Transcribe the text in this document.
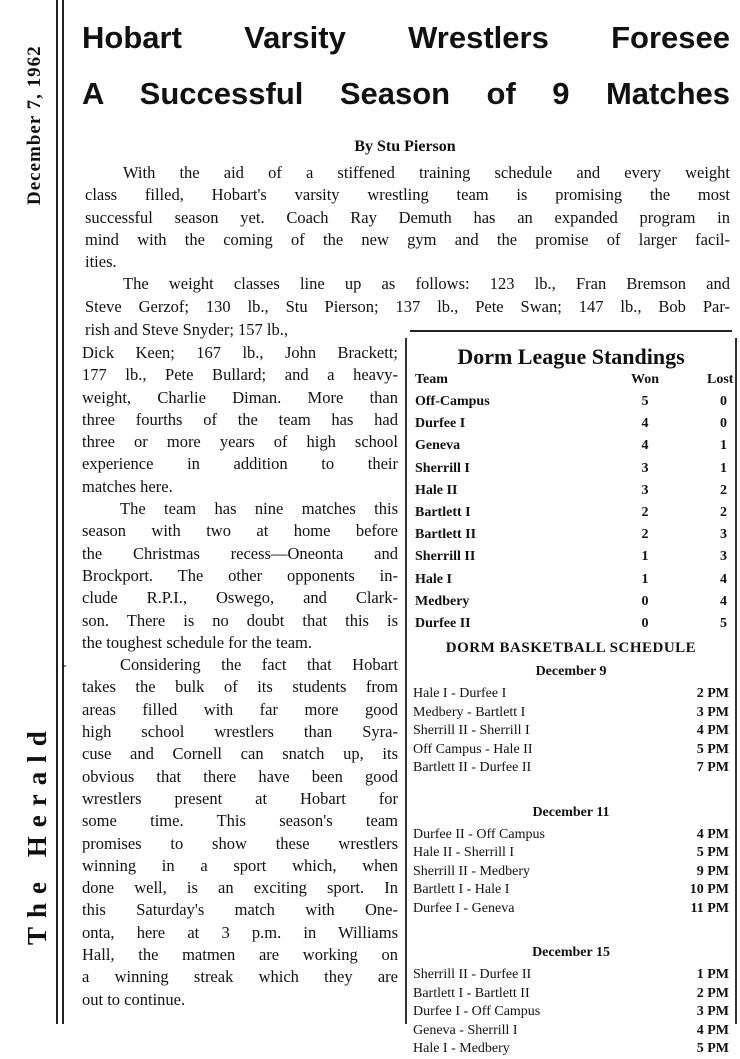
December 7, 1962
The Herald
Hobart Varsity Wrestlers Foresee
A Successful Season of 9 Matches
By Stu Pierson
With the aid of a stiffened training schedule and every weight
class filled, Hobart's varsity wrestling team is promising the most
successful season yet. Coach Ray Demuth has an expanded program in
mind with the coming of the new gym and the promise of larger facil-
ities.
The weight classes line up as follows: 123 lb., Fran Bremson and
Steve Gerzof; 130 lb., Stu Pierson; 137 lb., Pete Swan; 147 lb., Bob Par-
rish and Steve Snyder; 157 lb.,
Dick Keen; 167 lb., John Brackett;
177 lb., Pete Bullard; and a heavy-
weight, Charlie Diman. More than
three fourths of the team has had
three or more years of high school
experience in addition to their
matches here.
The team has nine matches this
season with two at home before
the Christmas recess—Oneonta and
Brockport. The other opponents in-
clude R.P.I., Oswego, and Clark-
son. There is no doubt that this is
the toughest schedule for the team.
Considering the fact that Hobart
takes the bulk of its students from
areas filled with far more good
high school wrestlers than Syra-
cuse and Cornell can snatch up, its
obvious that there have been good
wrestlers present at Hobart for
some time. This season's team
promises to show these wrestlers
winning in a sport which, when
done well, is an exciting sport. In
this Saturday's match with One-
onta, here at 3 p.m. in Williams
Hall, the matmen are working on
a winning streak which they are
out to continue.
-
Dorm League Standings
Team	Won	Lost
Off-Campus	5	0
Durfee I	4	0
Geneva	4	1
Sherrill I	3	1
Hale II	3	2
Bartlett I	2	2
Bartlett II	2	3
Sherrill II	1	3
Hale I	1	4
Medbery	0	4
Durfee II	0	5
DORM BASKETBALL SCHEDULE
December 9
Hale I - Durfee I	2 PM
Medbery - Bartlett I	3 PM
Sherrill II - Sherrill I	4 PM
Off Campus - Hale II	5 PM
Bartlett II - Durfee II	7 PM
December 11
Durfee II - Off Campus	4 PM
Hale II - Sherrill I	5 PM
Sherrill II - Medbery	9 PM
Bartlett I - Hale I	10 PM
Durfee I - Geneva	11 PM
December 15
Sherrill II - Durfee II	1 PM
Bartlett I - Bartlett II	2 PM
Durfee I - Off Campus	3 PM
Geneva - Sherrill I	4 PM
Hale I - Medbery	5 PM
